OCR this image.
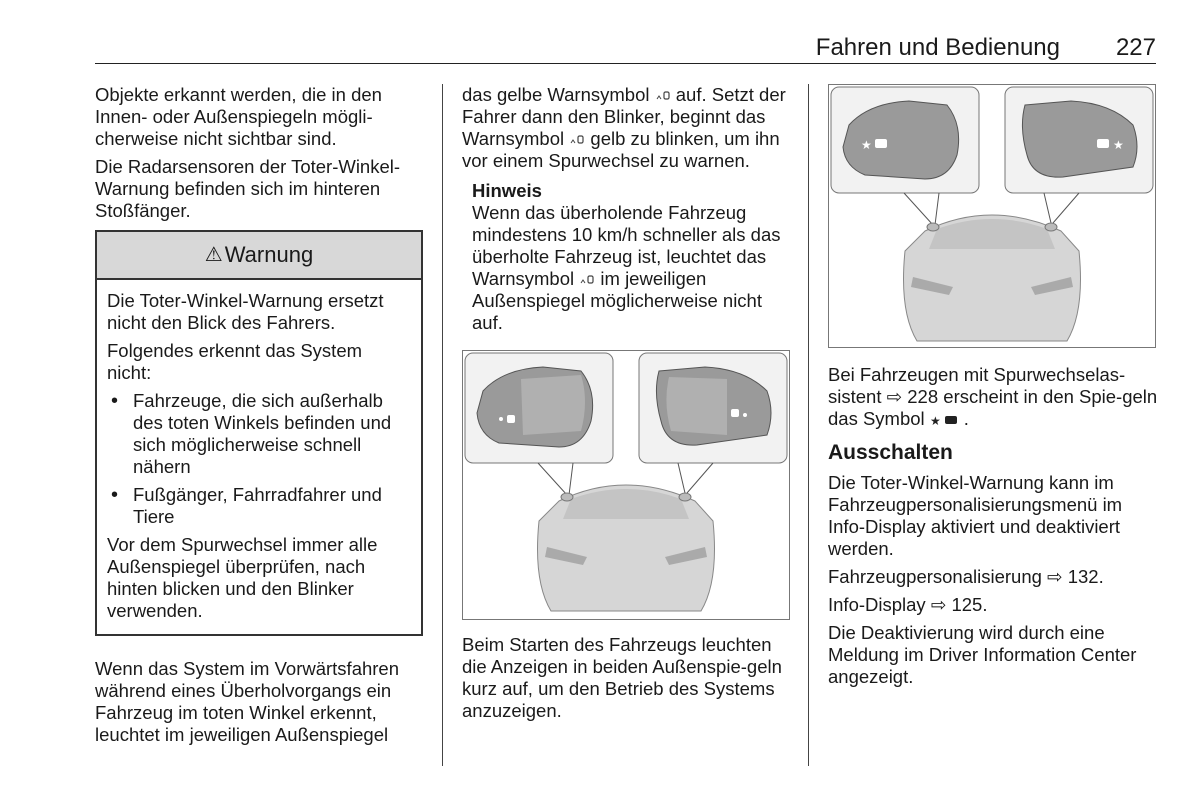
Fahren und Bedienung	227

Objekte erkannt werden, die in den Innen- oder Außenspiegeln mögli-cherweise nicht sichtbar sind.

Die Radarsensoren der Toter-Winkel-Warnung befinden sich im hinteren Stoßfänger.

⚠ Warnung

Die Toter-Winkel-Warnung ersetzt nicht den Blick des Fahrers.

Folgendes erkennt das System nicht:

• Fahrzeuge, die sich außerhalb des toten Winkels befinden und sich möglicherweise schnell nähern
• Fußgänger, Fahrradfahrer und Tiere

Vor dem Spurwechsel immer alle Außenspiegel überprüfen, nach hinten blicken und den Blinker verwenden.

Wenn das System im Vorwärtsfahren während eines Überholvorgangs ein Fahrzeug im toten Winkel erkennt, leuchtet im jeweiligen Außenspiegel

das gelbe Warnsymbol auf. Setzt der Fahrer dann den Blinker, beginnt das Warnsymbol gelb zu blinken, um ihn vor einem Spurwechsel zu warnen.

Hinweis
Wenn das überholende Fahrzeug mindestens 10 km/h schneller als das überholte Fahrzeug ist, leuchtet das Warnsymbol im jeweiligen Außenspiegel möglicherweise nicht auf.

Beim Starten des Fahrzeugs leuchten die Anzeigen in beiden Außenspie-geln kurz auf, um den Betrieb des Systems anzuzeigen.

★	★

Bei Fahrzeugen mit Spurwechselas-sistent ⇨ 228 erscheint in den Spie-geln das Symbol ★ .

Ausschalten

Die Toter-Winkel-Warnung kann im Fahrzeugpersonalisierungsmenü im Info-Display aktiviert und deaktiviert werden.

Fahrzeugpersonalisierung ⇨ 132.

Info-Display ⇨ 125.

Die Deaktivierung wird durch eine Meldung im Driver Information Center angezeigt.
